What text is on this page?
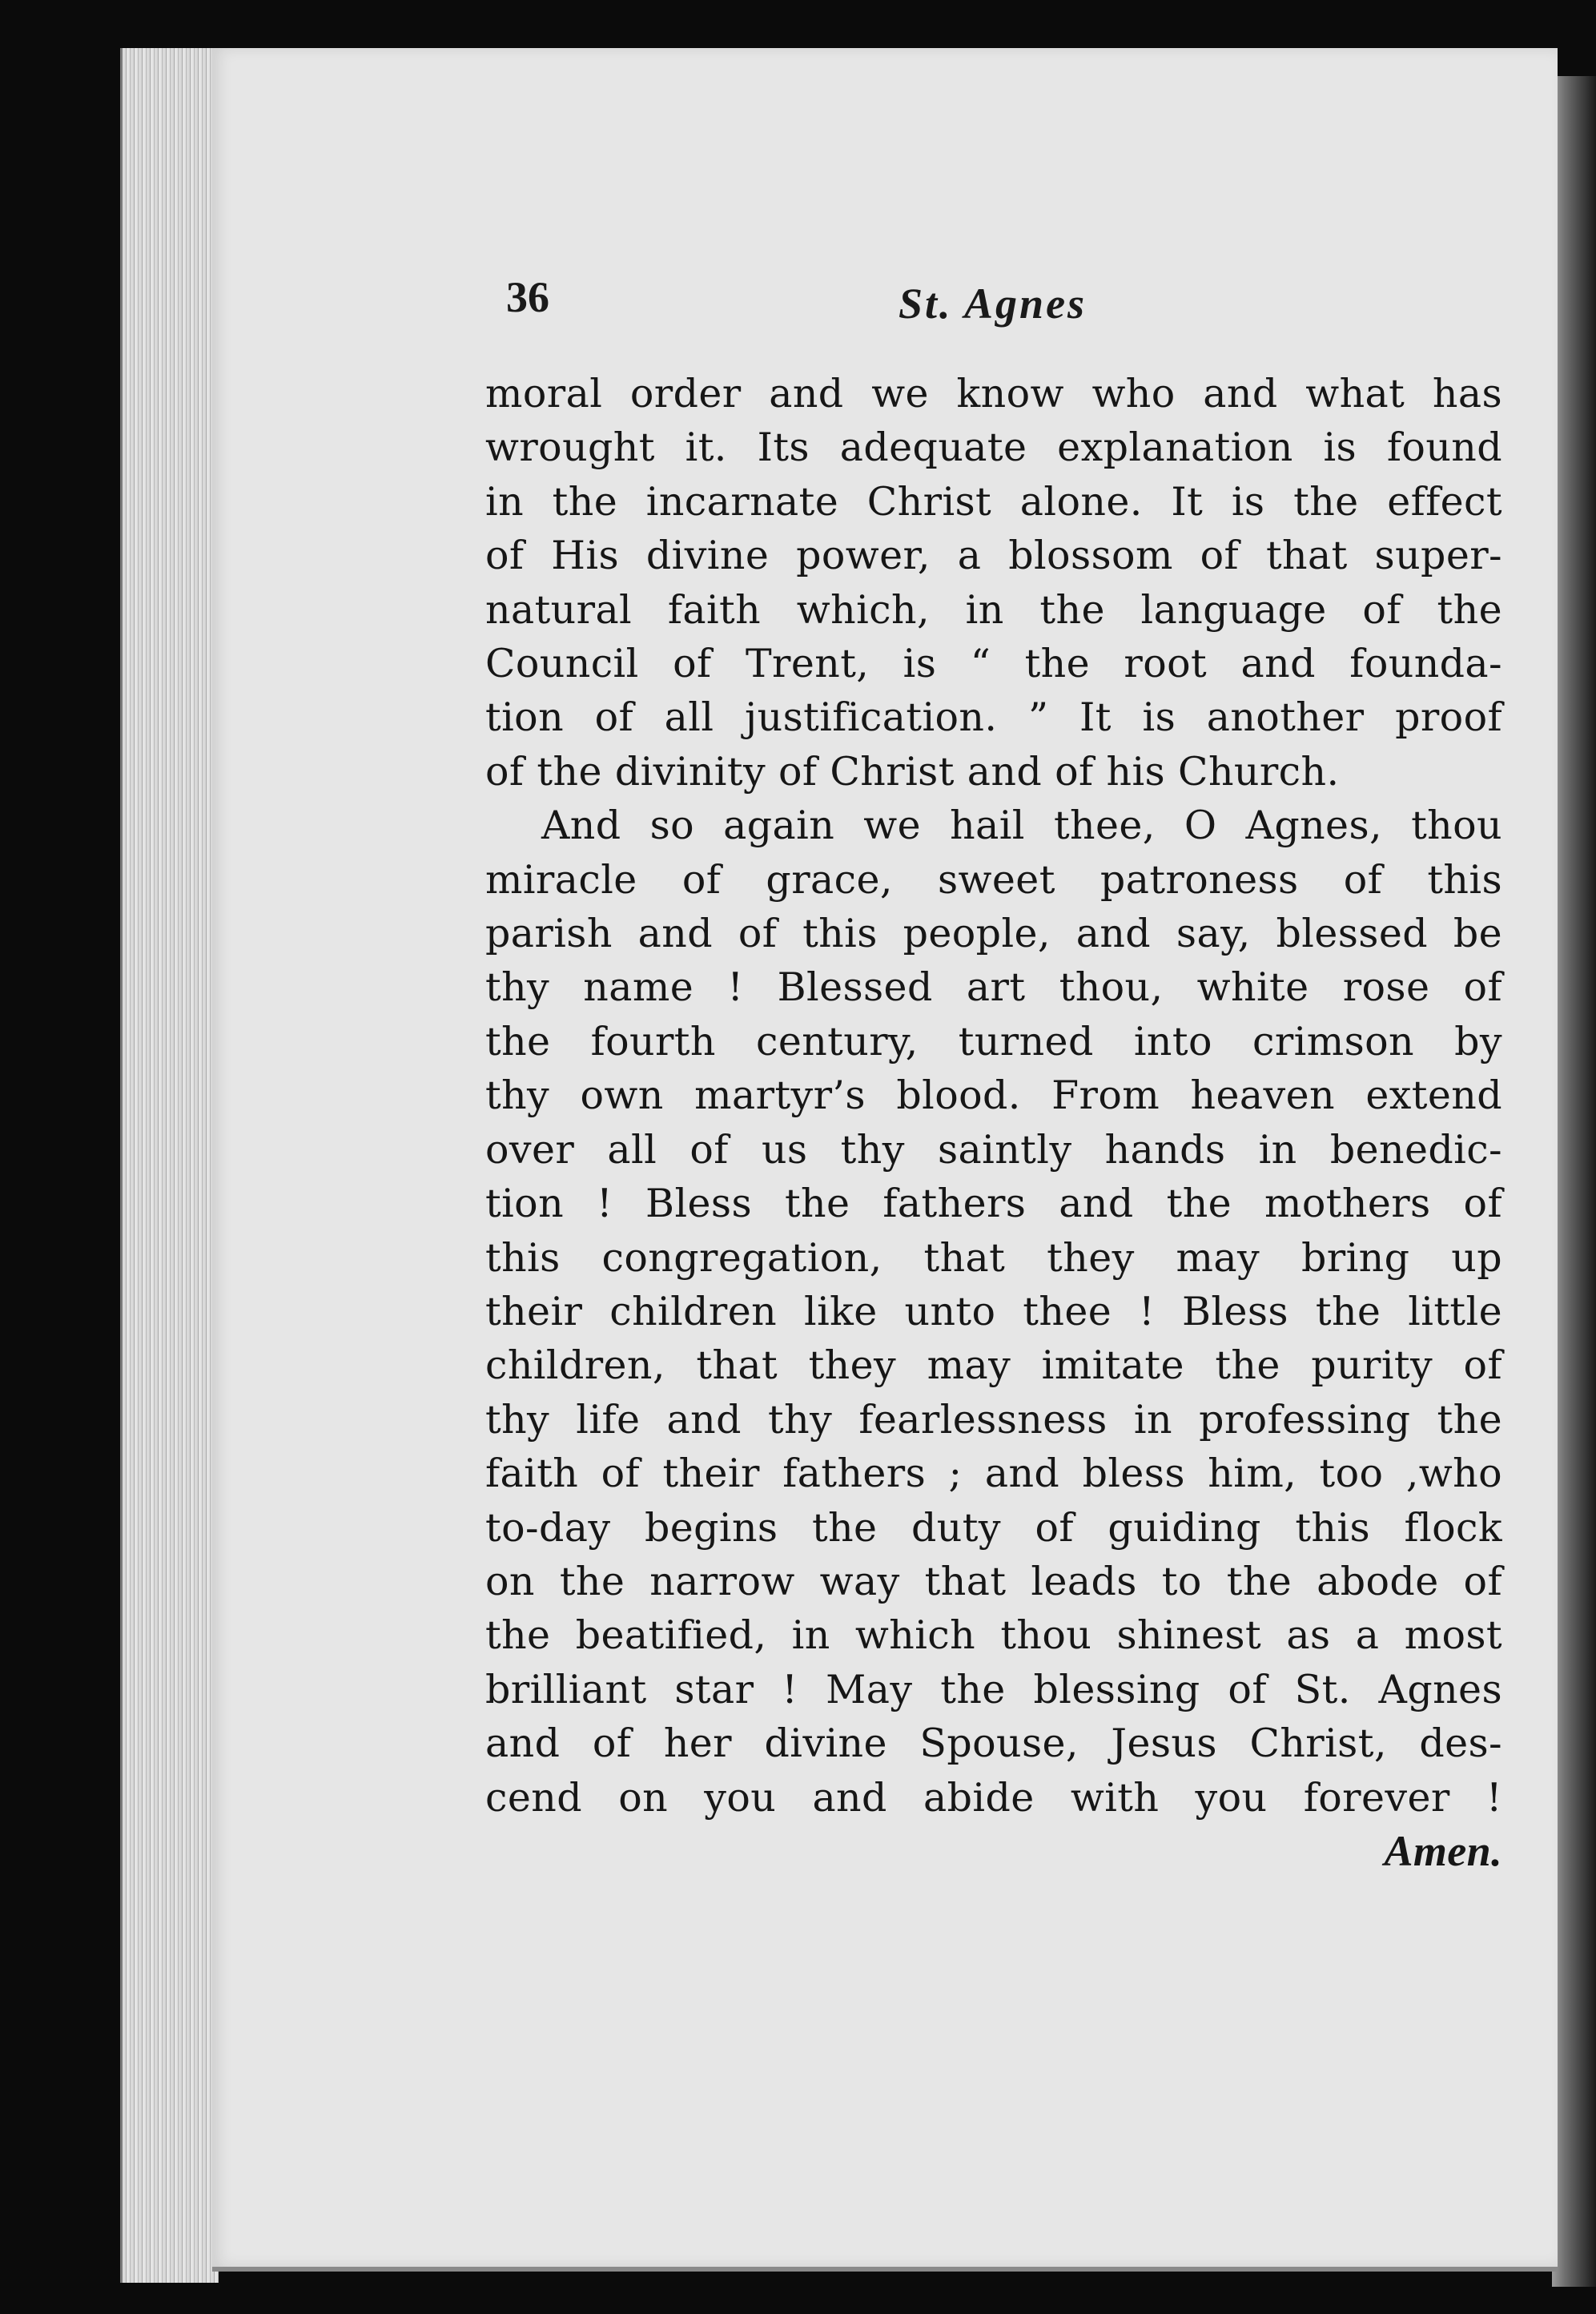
36	St. Agnes
moral order and we know who and what has
wrought it. Its adequate explanation is found
in the incarnate Christ alone. It is the effect
of His divine power, a blossom of that super-
natural faith which, in the language of the
Council of Trent, is “ the root and founda-
tion of all justification. ” It is another proof
of the divinity of Christ and of his Church.
And so again we hail thee, O Agnes, thou
miracle of grace, sweet patroness of this
parish and of this people, and say, blessed be
thy name ! Blessed art thou, white rose of
the fourth century, turned into crimson by
thy own martyr’s blood. From heaven extend
over all of us thy saintly hands in benedic-
tion ! Bless the fathers and the mothers of
this congregation, that they may bring up
their children like unto thee ! Bless the little
children, that they may imitate the purity of
thy life and thy fearlessness in professing the
faith of their fathers ; and bless him, too ,who
to-day begins the duty of guiding this flock
on the narrow way that leads to the abode of
the beatified, in which thou shinest as a most
brilliant star ! May the blessing of St. Agnes
and of her divine Spouse, Jesus Christ, des-
cend on you and abide with you forever !
Amen.
